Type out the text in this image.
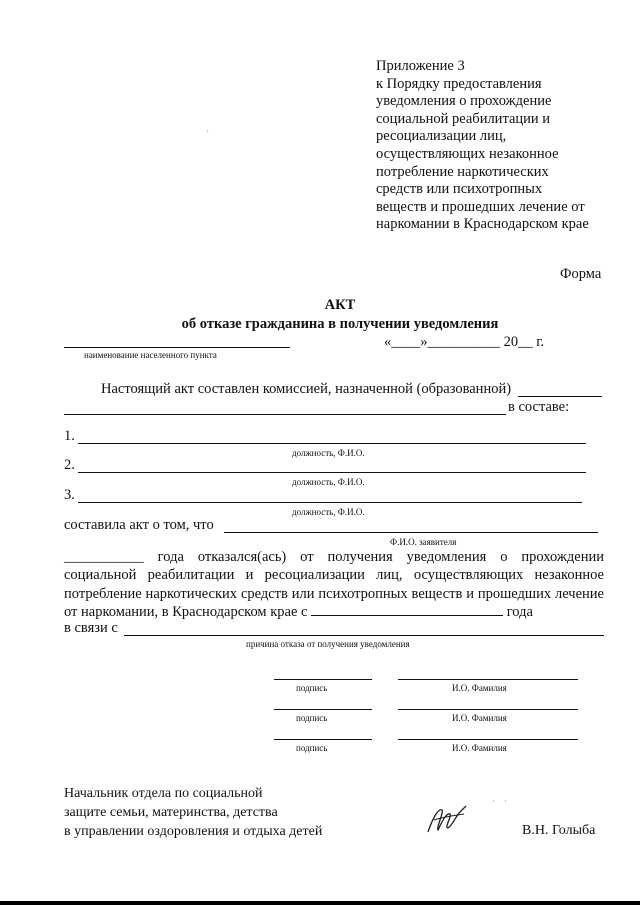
Приложение 3
к Порядку предоставления
уведомления о прохождение
социальной реабилитации и
ресоциализации лиц,
осуществляющих незаконное
потребление наркотических
средств или психотропных
веществ и прошедших лечение от
наркомании в Краснодарском крае
Форма
АКТ
об отказе гражданина в получении уведомления
наименование населенного пункта
«____»__________ 20__ г.
Настоящий акт составлен комиссией, назначенной (образованной)
в составе:
1.
должность, Ф.И.О.
2.
должность, Ф.И.О.
3.
должность, Ф.И.О.
составила акт о том, что
Ф.И.О. заявителя
___________ года отказался(ась) от получения уведомления о прохождении социальной реабилитации и ресоциализации лиц, осуществляющих незаконное потребление наркотических средств или психотропных веществ и прошедших лечение от наркомании, в Краснодарском крае с	года
в связи с
причина отказа от получения уведомления
подпись	И.О. Фамилия
подпись	И.О. Фамилия
подпись	И.О. Фамилия
Начальник отдела по социальной
защите семьи, материнства, детства
в управлении оздоровления и отдыха детей
·    ·
·
В.Н. Голыба
